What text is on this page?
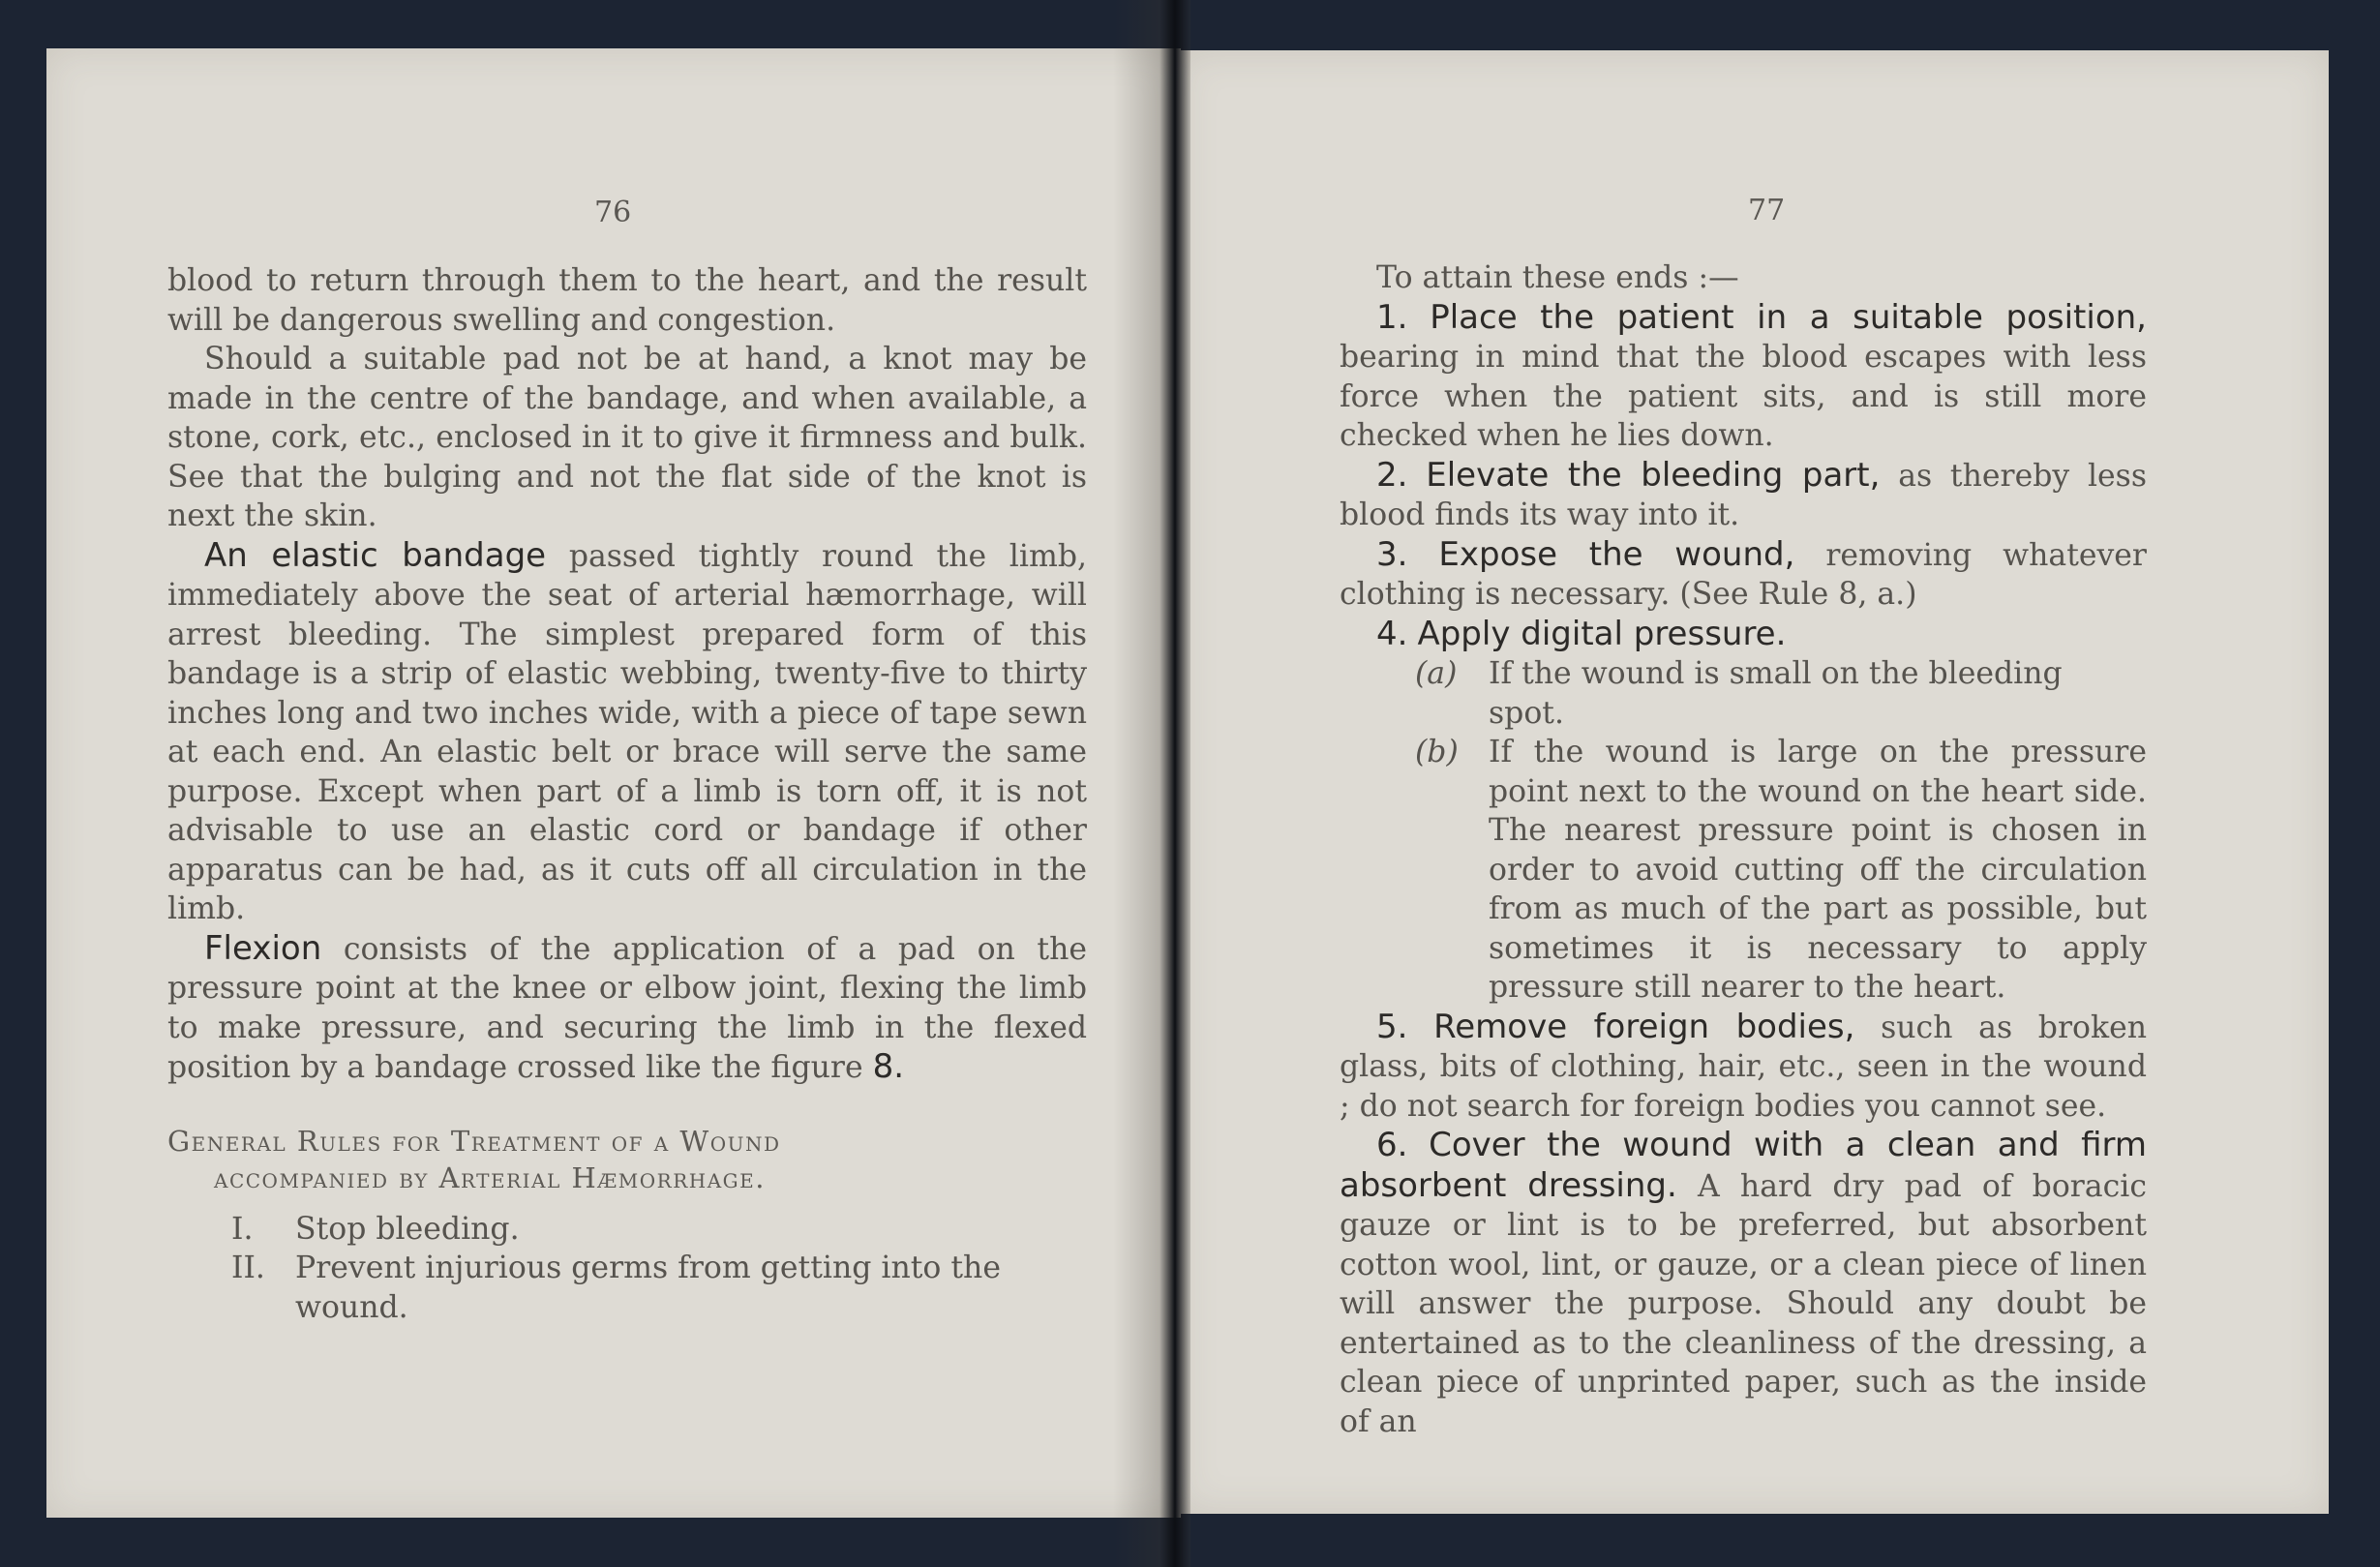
76

blood to return through them to the heart, and the result will be dangerous swelling and congestion.

Should a suitable pad not be at hand, a knot may be made in the centre of the bandage, and when available, a stone, cork, etc., enclosed in it to give it firmness and bulk. See that the bulging and not the flat side of the knot is next the skin.

An elastic bandage passed tightly round the limb, immediately above the seat of arterial hæmorrhage, will arrest bleeding. The simplest prepared form of this bandage is a strip of elastic webbing, twenty-five to thirty inches long and two inches wide, with a piece of tape sewn at each end. An elastic belt or brace will serve the same purpose. Except when part of a limb is torn off, it is not advisable to use an elastic cord or bandage if other apparatus can be had, as it cuts off all circulation in the limb.

Flexion consists of the application of a pad on the pressure point at the knee or elbow joint, flexing the limb to make pressure, and securing the limb in the flexed position by a bandage crossed like the figure 8.

General Rules for Treatment of a Wound
accompanied by Arterial Hæmorrhage.
I.	Stop bleeding.
II. Prevent injurious germs from getting into the wound.
77

To attain these ends :—

1. Place the patient in a suitable position, bearing in mind that the blood escapes with less force when the patient sits, and is still more checked when he lies down.

2. Elevate the bleeding part, as thereby less blood finds its way into it.

3. Expose the wound, removing whatever clothing is necessary. (See Rule 8, a.)

4. Apply digital pressure.

(a)	If the wound is small on the bleeding spot.
(b) If the wound is large on the pressure point next to the wound on the heart side. The nearest pressure point is chosen in order to avoid cutting off the circulation from as much of the part as possible, but sometimes it is necessary to apply pressure still nearer to the heart.

5. Remove foreign bodies, such as broken glass, bits of clothing, hair, etc., seen in the wound ; do not search for foreign bodies you cannot see.

6. Cover the wound with a clean and firm absorbent dressing. A hard dry pad of boracic gauze or lint is to be preferred, but absorbent cotton wool, lint, or gauze, or a clean piece of linen will answer the purpose. Should any doubt be entertained as to the cleanliness of the dressing, a clean piece of unprinted paper, such as the inside of an
